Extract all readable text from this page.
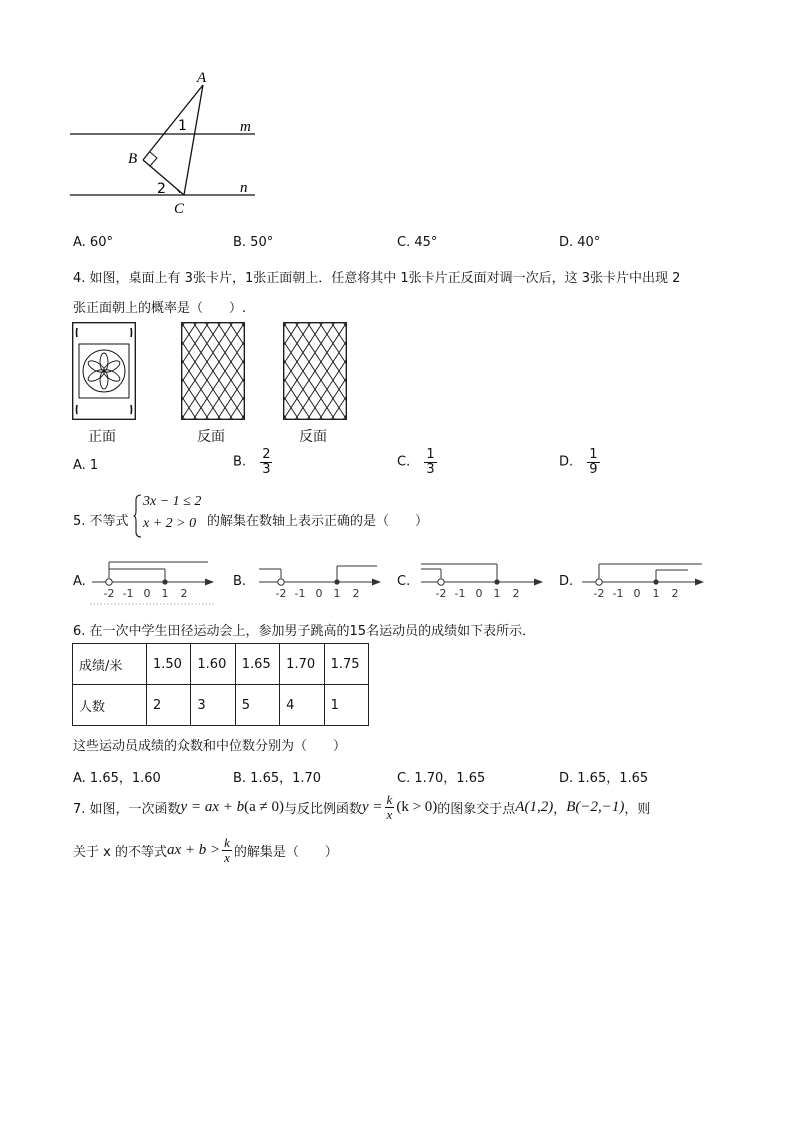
A
1	m
B
n
2
C
A. 60°	B. 50°	C. 45°	D. 40°
4. 如图，桌面上有 3张卡片，1张正面朝上．任意将其中 1张卡片正反面对调一次后，这 3张卡片中出现 2
张正面朝上的概率是（　　）.
正面	反面	反面
A. 1	B. $\frac{2}{3}$	C. $\frac{1}{3}$	D. $\frac{1}{9}$
5. 不等式
3x − 1 ≤ 2
x + 2 > 0 的解集在数轴上表示正确的是（　　）
A.	B.	C.	D.
-2 -1 0 1 2	-2 -1 0 1 2	-2 -1 0 1 2	-2 -1 0 1 2
6. 在一次中学生田径运动会上，参加男子跳高的15名运动员的成绩如下表所示．
成绩/米	1.50	1.60	1.65	1.70	1.75
人数	2	3	5	4	1
这些运动员成绩的众数和中位数分别为（　　）
A. 1.65，1.60	B. 1.65，1.70	C. 1.70，1.65	D. 1.65，1.65
7. 如图，一次函数 y = ax + b (a ≠ 0) 与反比例函数 $y = \frac{k}{x} (k > 0)$ 的图象交于点 A(1,2) ， B(−2,−1) ，则
关于 x 的不等式 ax + $b > \frac{k}{x}$ 的解集是（　　）
